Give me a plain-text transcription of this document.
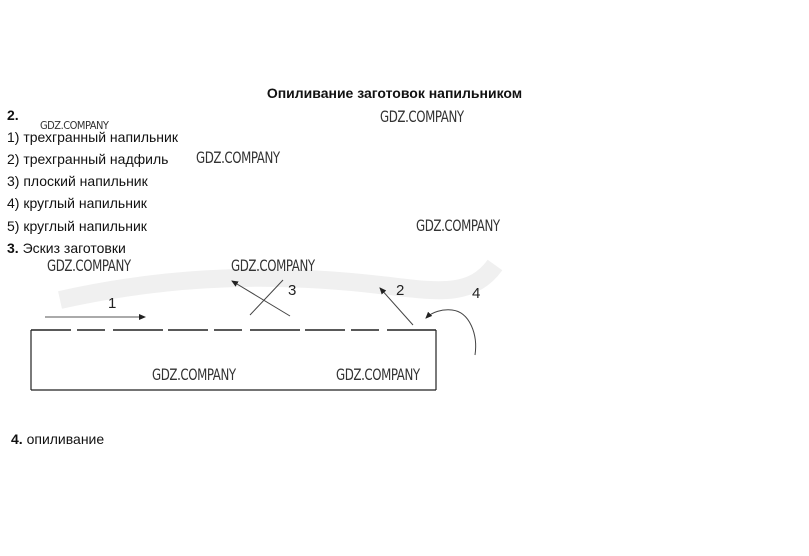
Опиливание заготовок напильником
2.
1) трехгранный напильник
2) трехгранный надфиль
3) плоский напильник
4) круглый напильник
5) круглый напильник
3. Эскиз заготовки
1
3	2	4
4. опиливание
GDZ.COMPANY	GDZ.COMPANY
GDZ.COMPANY
GDZ.COMPANY
GDZ.COMPANY	GDZ.COMPANY
GDZ.COMPANY	GDZ.COMPANY
